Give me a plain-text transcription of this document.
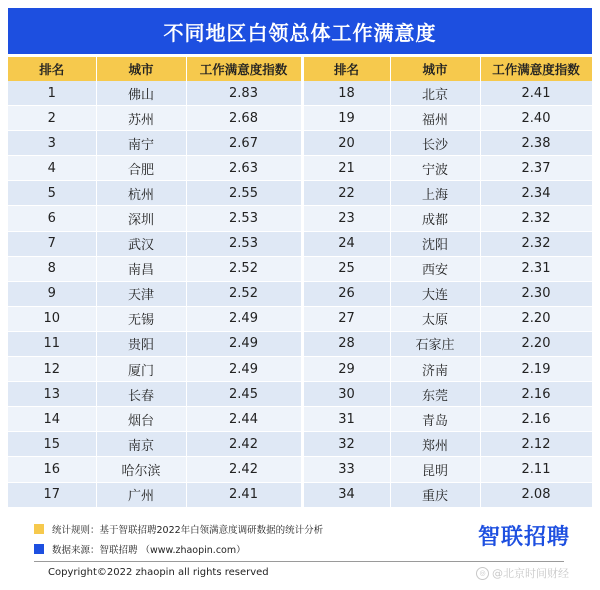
不同地区白领总体工作满意度
排名	城市	工作满意度指数	排名	城市	工作满意度指数
1	佛山	2.83	18	北京	2.41
2	苏州	2.68	19	福州	2.40
3	南宁	2.67	20	长沙	2.38
4	合肥	2.63	21	宁波	2.37
5	杭州	2.55	22	上海	2.34
6	深圳	2.53	23	成都	2.32
7	武汉	2.53	24	沈阳	2.32
8	南昌	2.52	25	西安	2.31
9	天津	2.52	26	大连	2.30
10	无锡	2.49	27	太原	2.20
11	贵阳	2.49	28	石家庄	2.20
12	厦门	2.49	29	济南	2.19
13	长春	2.45	30	东莞	2.16
14	烟台	2.44	31	青岛	2.16
15	南京	2.42	32	郑州	2.12
16	哈尔滨	2.42	33	昆明	2.11
17	广州	2.41	34	重庆	2.08
统计规则：基于智联招聘2022年白领满意度调研数据的统计分析
数据来源：智联招聘 （www.zhaopin.com）
智联招聘
Copyright©2022 zhaopin all rights reserved	◎ @北京时间财经
